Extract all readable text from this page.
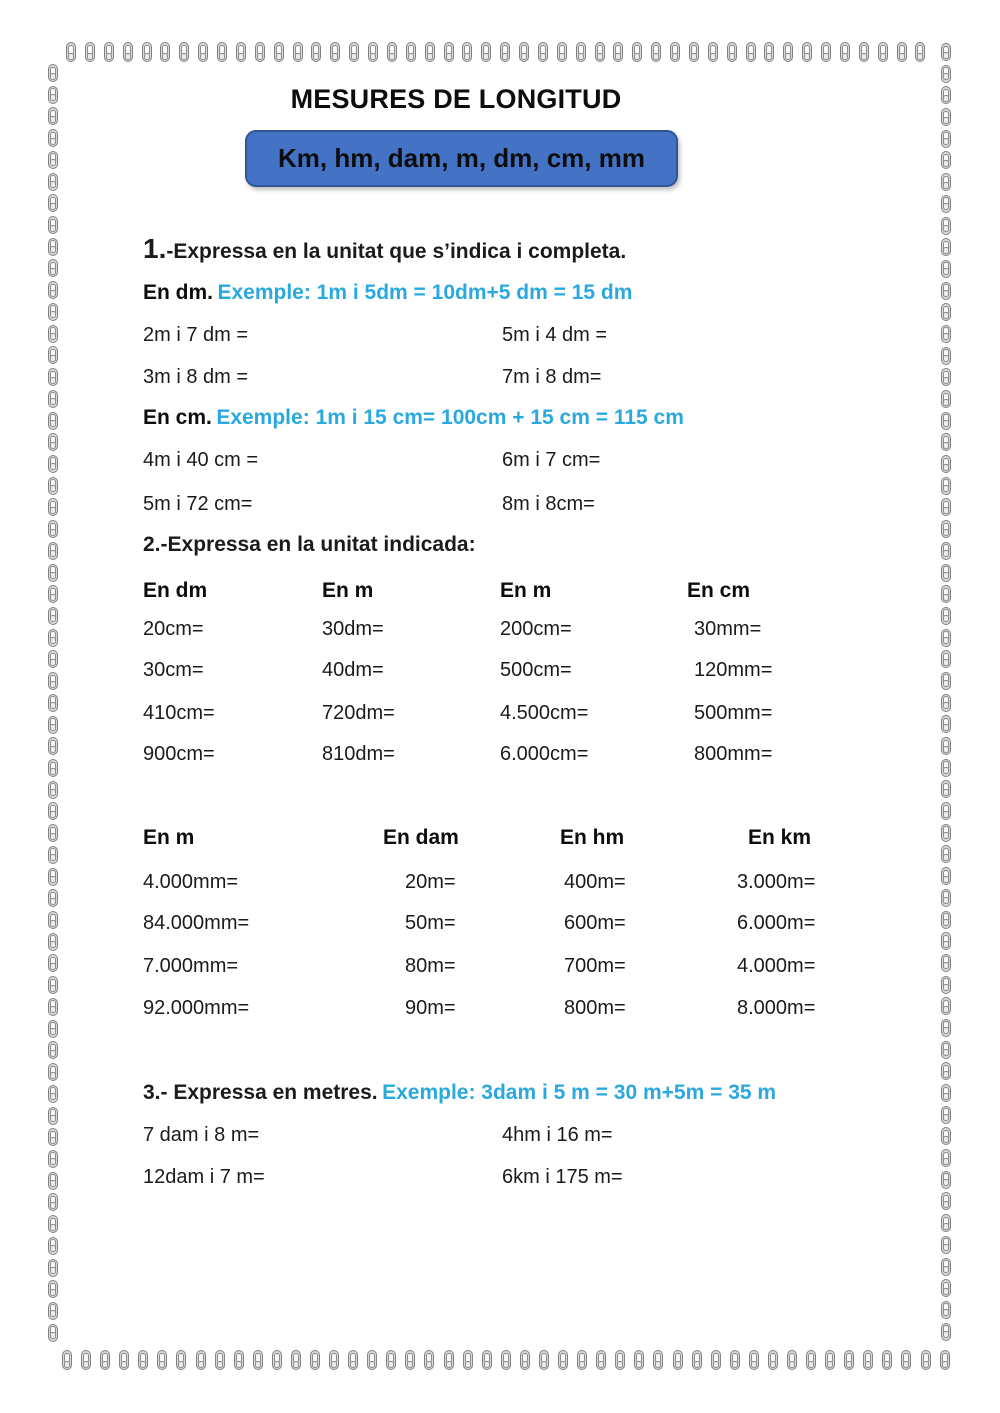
MESURES DE LONGITUD
Km, hm, dam, m, dm, cm, mm
1.-Expressa en la unitat que s’indica i completa.
En dm. Exemple: 1m i 5dm = 10dm+5 dm = 15 dm
2m i 7 dm =	5m i 4 dm =
3m i 8 dm =	7m i 8 dm=
En cm. Exemple: 1m i 15 cm= 100cm + 15 cm = 115 cm
4m i 40 cm =	6m i 7 cm=
5m i 72 cm=	8m i 8cm=
2.-Expressa en la unitat indicada:
En dm	En m	En m	En cm
20cm=	30dm=	200cm=	30mm=
30cm=	40dm=	500cm=	120mm=
410cm=	720dm=	4.500cm=	500mm=
900cm=	810dm=	6.000cm=	800mm=
En m	En dam	En hm	En km
4.000mm=	20m=	400m=	3.000m=
84.000mm=	50m=	600m=	6.000m=
7.000mm=	80m=	700m=	4.000m=
92.000mm=	90m=	800m=	8.000m=
3.- Expressa en metres. Exemple: 3dam i 5 m = 30 m+5m = 35 m
7 dam i 8 m=	4hm i 16 m=
12dam i 7 m=	6km i 175 m=
